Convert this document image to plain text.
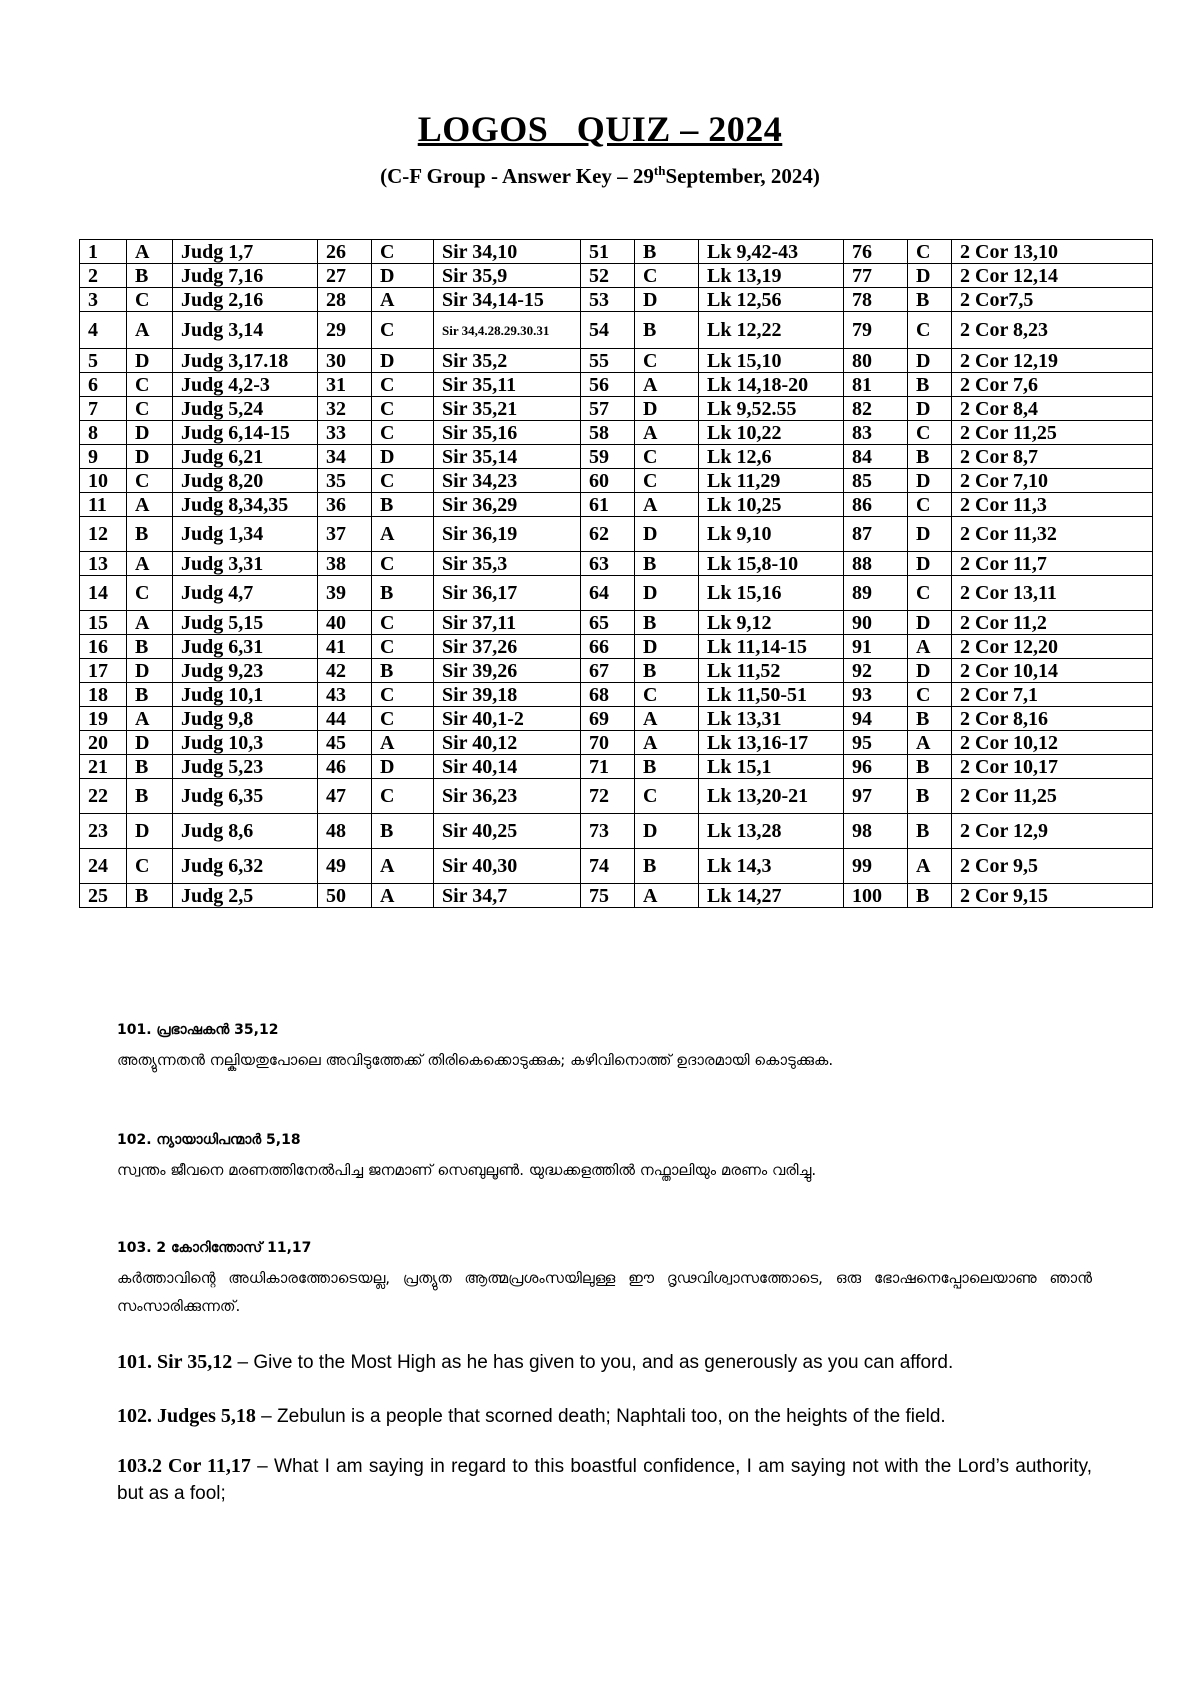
LOGOS   QUIZ – 2024
(C-F Group - Answer Key – 29thSeptember, 2024)
1	A	Judg 1,7	26	C	Sir 34,10	51	B	Lk 9,42-43	76	C	2 Cor 13,10
2	B	Judg 7,16	27	D	Sir 35,9	52	C	Lk 13,19	77	D	2 Cor 12,14
3	C	Judg 2,16	28	A	Sir 34,14-15	53	D	Lk 12,56	78	B	2 Cor7,5
4	A	Judg 3,14	29	C	Sir 34,4.28.29.30.31	54	B	Lk 12,22	79	C	2 Cor 8,23
5	D	Judg 3,17.18	30	D	Sir 35,2	55	C	Lk 15,10	80	D	2 Cor 12,19
6	C	Judg 4,2-3	31	C	Sir 35,11	56	A	Lk 14,18-20	81	B	2 Cor 7,6
7	C	Judg 5,24	32	C	Sir 35,21	57	D	Lk 9,52.55	82	D	2 Cor 8,4
8	D	Judg 6,14-15	33	C	Sir 35,16	58	A	Lk 10,22	83	C	2 Cor 11,25
9	D	Judg 6,21	34	D	Sir 35,14	59	C	Lk 12,6	84	B	2 Cor 8,7
10	C	Judg 8,20	35	C	Sir 34,23	60	C	Lk 11,29	85	D	2 Cor 7,10
11	A	Judg 8,34,35	36	B	Sir 36,29	61	A	Lk 10,25	86	C	2 Cor 11,3
12	B	Judg 1,34	37	A	Sir 36,19	62	D	Lk 9,10	87	D	2 Cor 11,32
13	A	Judg 3,31	38	C	Sir 35,3	63	B	Lk 15,8-10	88	D	2 Cor 11,7
14	C	Judg 4,7	39	B	Sir 36,17	64	D	Lk 15,16	89	C	2 Cor 13,11
15	A	Judg 5,15	40	C	Sir 37,11	65	B	Lk 9,12	90	D	2 Cor 11,2
16	B	Judg 6,31	41	C	Sir 37,26	66	D	Lk 11,14-15	91	A	2 Cor 12,20
17	D	Judg 9,23	42	B	Sir 39,26	67	B	Lk 11,52	92	D	2 Cor 10,14
18	B	Judg 10,1	43	C	Sir 39,18	68	C	Lk 11,50-51	93	C	2 Cor 7,1
19	A	Judg 9,8	44	C	Sir 40,1-2	69	A	Lk 13,31	94	B	2 Cor 8,16
20	D	Judg 10,3	45	A	Sir 40,12	70	A	Lk 13,16-17	95	A	2 Cor 10,12
21	B	Judg 5,23	46	D	Sir 40,14	71	B	Lk 15,1	96	B	2 Cor 10,17
22	B	Judg 6,35	47	C	Sir 36,23	72	C	Lk 13,20-21	97	B	2 Cor 11,25
23	D	Judg 8,6	48	B	Sir 40,25	73	D	Lk 13,28	98	B	2 Cor 12,9
24	C	Judg 6,32	49	A	Sir 40,30	74	B	Lk 14,3	99	A	2 Cor 9,5
25	B	Judg 2,5	50	A	Sir 34,7	75	A	Lk 14,27	100	B	2 Cor 9,15
101. പ്രഭാഷകൻ 35,12
അത്യുന്നതൻ നല്കിയതുപോലെ അവിടുത്തേക്ക് തിരികെക്കൊടുക്കുക; കഴിവിനൊത്ത് ഉദാരമായി കൊടുക്കുക.
102. ന്യായാധിപന്മാർ 5,18
സ്വന്തം ജീവനെ മരണത്തിനേൽപിച്ച ജനമാണ് സെബുലൂൺ. യുദ്ധക്കളത്തിൽ നഫ്താലിയും മരണം വരിച്ചു.
103. 2 കോറിന്തോസ് 11,17
കർത്താവിന്റെ അധികാരത്തോടെയല്ല, പ്രത്യുത ആത്മപ്രശംസയിലുള്ള ഈ ദൃഢവിശ്വാസത്തോടെ, ഒരു ഭോഷനെപ്പോലെയാണു ഞാൻ സംസാരിക്കുന്നത്.
101. Sir 35,12 – Give to the Most High as he has given to you, and as generously as you can afford.
102. Judges 5,18 – Zebulun is a people that scorned death; Naphtali too, on the heights of the field.
103.2 Cor 11,17 – What I am saying in regard to this boastful confidence, I am saying not with the Lord’s authority, but as a fool;
